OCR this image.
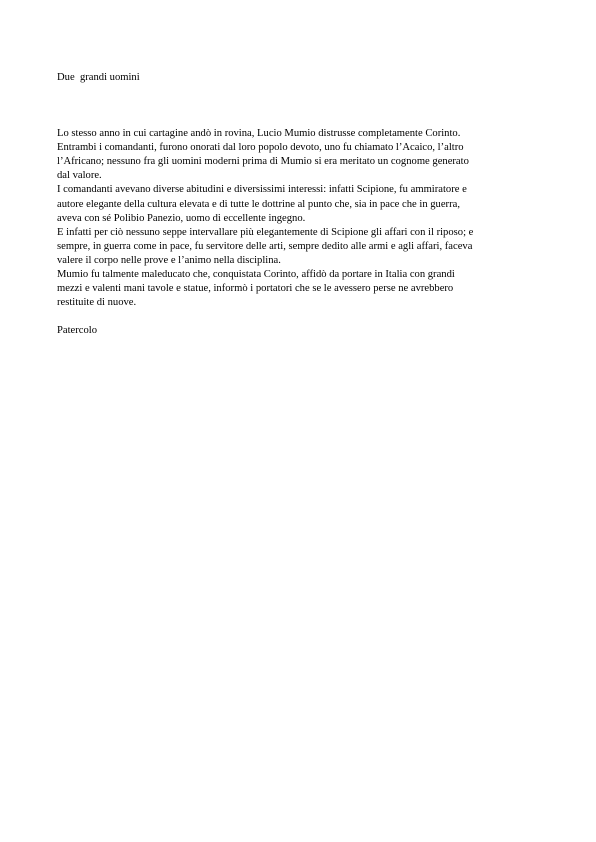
Due  grandi uomini
Lo stesso anno in cui cartagine andò in rovina, Lucio Mumio distrusse completamente Corinto.
Entrambi i comandanti, furono onorati dal loro popolo devoto, uno fu chiamato l’Acaico, l’altro
l’Africano; nessuno fra gli uomini moderni prima di Mumio si era meritato un cognome generato
dal valore.
I comandanti avevano diverse abitudini e diversissimi interessi: infatti Scipione, fu ammiratore e
autore elegante della cultura elevata e di tutte le dottrine al punto che, sia in pace che in guerra,
aveva con sé Polibio Panezio, uomo di eccellente ingegno.
E infatti per ciò nessuno seppe intervallare più elegantemente di Scipione gli affari con il riposo; e
sempre, in guerra come in pace, fu servitore delle arti, sempre dedito alle armi e agli affari, faceva
valere il corpo nelle prove e l’animo nella disciplina.
Mumio fu talmente maleducato che, conquistata Corinto, affidò da portare in Italia con grandi
mezzi e valenti mani tavole e statue, informò i portatori che se le avessero perse ne avrebbero
restituite di nuove.
Patercolo
